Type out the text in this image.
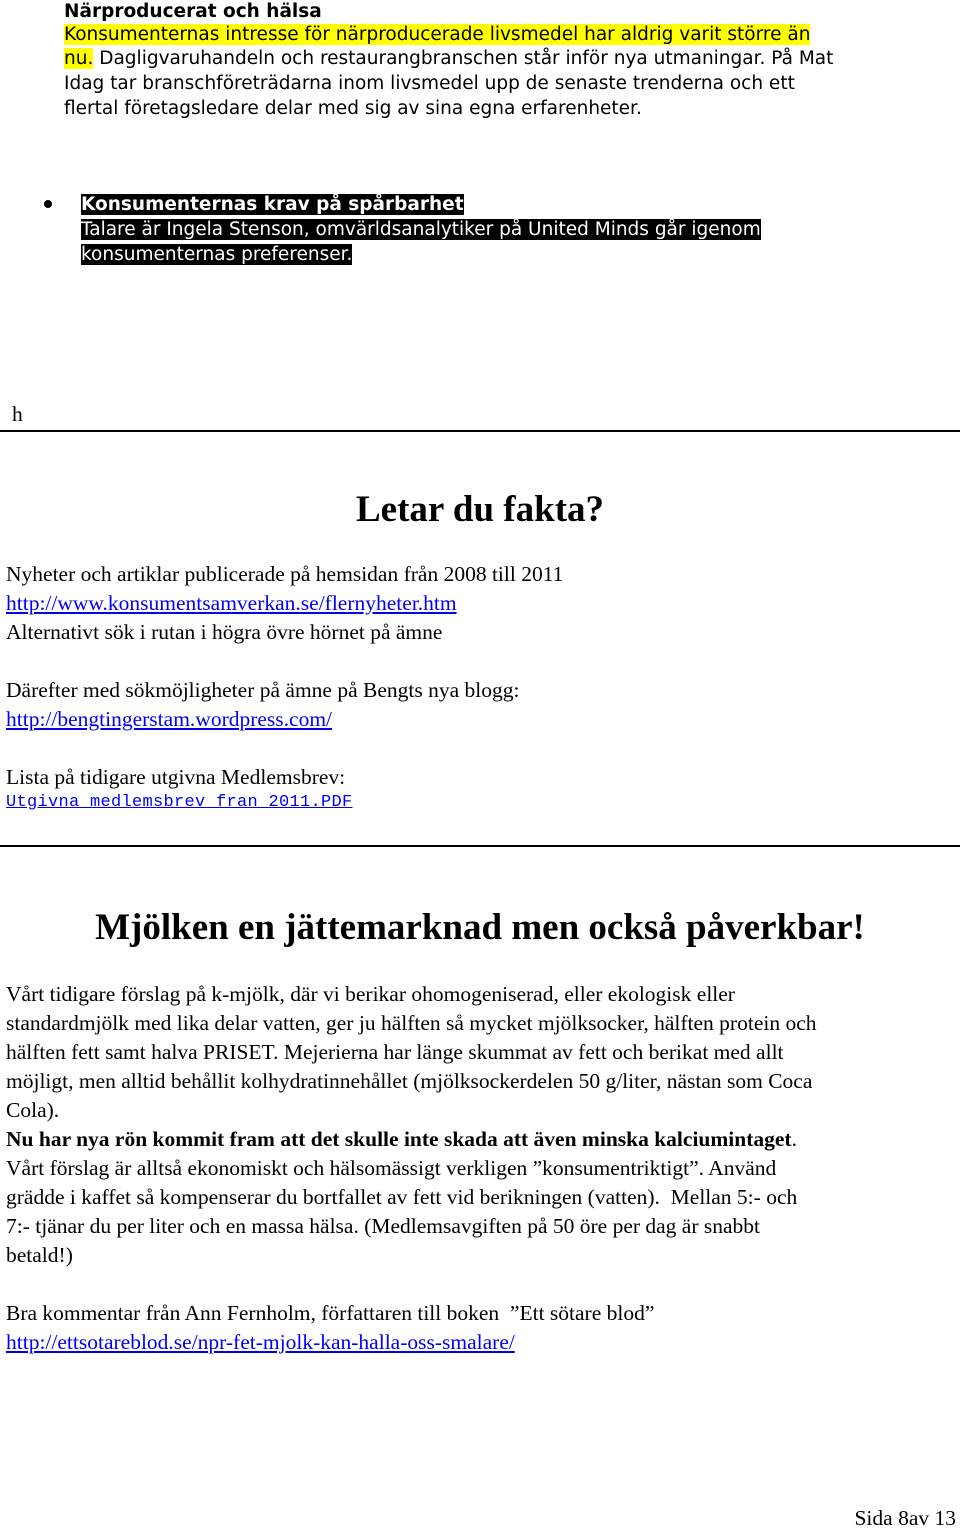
Närproducerat och hälsa
Konsumenternas intresse för närproducerade livsmedel har aldrig varit större än
nu. Dagligvaruhandeln och restaurangbranschen står inför nya utmaningar. På Mat
Idag tar branschföreträdarna inom livsmedel upp de senaste trenderna och ett
flertal företagsledare delar med sig av sina egna erfarenheter.
Konsumenternas krav på spårbarhet
Talare är Ingela Stenson, omvärldsanalytiker på United Minds går igenom
konsumenternas preferenser.
h
Letar du fakta?
Nyheter och artiklar publicerade på hemsidan från 2008 till 2011
http://www.konsumentsamverkan.se/flernyheter.htm
Alternativt sök i rutan i högra övre hörnet på ämne
Därefter med sökmöjligheter på ämne på Bengts nya blogg:
http://bengtingerstam.wordpress.com/
Lista på tidigare utgivna Medlemsbrev:
Utgivna_medlemsbrev_fran_2011.PDF
Mjölken en jättemarknad men också påverkbar!

Vårt tidigare förslag på k-mjölk, där vi berikar ohomogeniserad, eller ekologisk eller

standardmjölk med lika delar vatten, ger ju hälften så mycket mjölksocker, hälften protein och

hälften fett samt halva PRISET. Mejerierna har länge skummat av fett och berikat med allt

möjligt, men alltid behållit kolhydratinnehållet (mjölksockerdelen 50 g/liter, nästan som Coca

Cola).

Nu har nya rön kommit fram att det skulle inte skada att även minska kalciumintaget.

Vårt förslag är alltså ekonomiskt och hälsomässigt verkligen ”konsumentriktigt”. Använd

grädde i kaffet så kompenserar du bortfallet av fett vid berikningen (vatten).  Mellan 5:- och

7:- tjänar du per liter och en massa hälsa. (Medlemsavgiften på 50 öre per dag är snabbt

betald!)

Bra kommentar från Ann Fernholm, författaren till boken  ”Ett sötare blod”

http://ettsotareblod.se/npr-fet-mjolk-kan-halla-oss-smalare/

Sida 8av 13
